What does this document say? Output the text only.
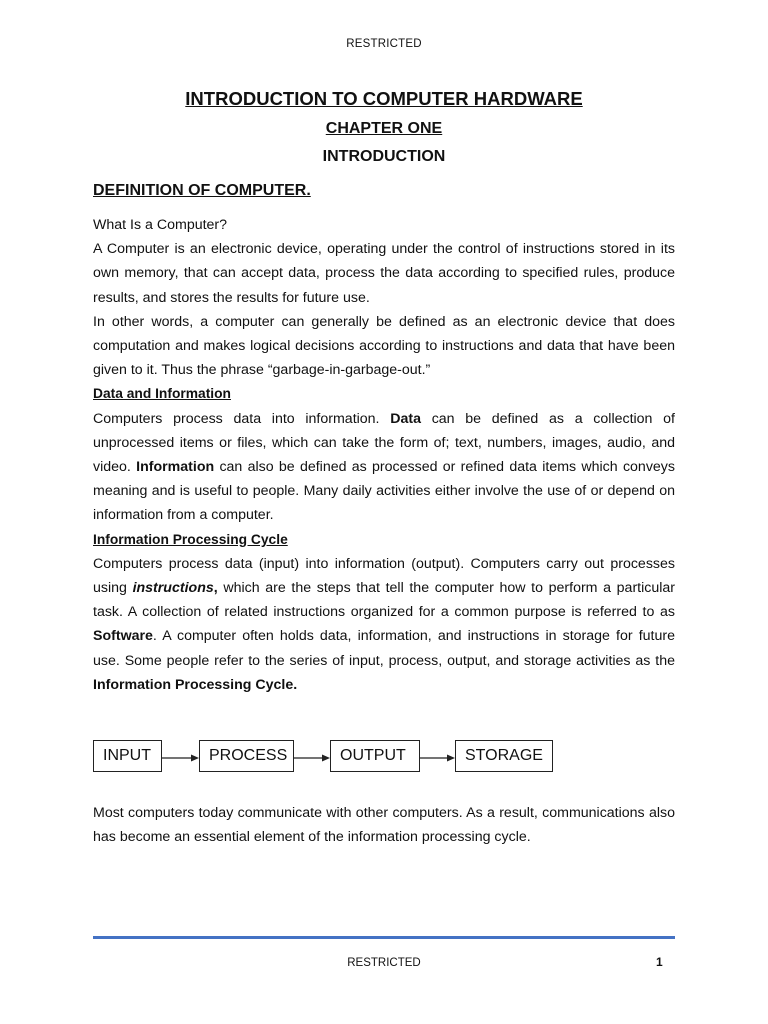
RESTRICTED
INTRODUCTION TO COMPUTER HARDWARE
CHAPTER ONE
INTRODUCTION
DEFINITION OF COMPUTER.

What Is a Computer?

A Computer is an electronic device, operating under the control of instructions stored in its own memory, that can accept data, process the data according to specified rules, produce results, and stores the results for future use.

In other words, a computer can generally be defined as an electronic device that does computation and makes logical decisions according to instructions and data that have been given to it. Thus the phrase “garbage-in-garbage-out.”

Data and Information

Computers process data into information. Data can be defined as a collection of unprocessed items or files, which can take the form of; text, numbers, images, audio, and video. Information can also be defined as processed or refined data items which conveys meaning and is useful to people. Many daily activities either involve the use of or depend on information from a computer.

Information Processing Cycle

Computers process data (input) into information (output). Computers carry out processes using instructions, which are the steps that tell the computer how to perform a particular task. A collection of related instructions organized for a common purpose is referred to as Software. A computer often holds data, information, and instructions in storage for future use. Some people refer to the series of input, process, output, and storage activities as the Information Processing Cycle.

INPUT	PROCESS	OUTPUT	STORAGE

Most computers today communicate with other computers. As a result, communications also has become an essential element of the information processing cycle.

RESTRICTED	1
